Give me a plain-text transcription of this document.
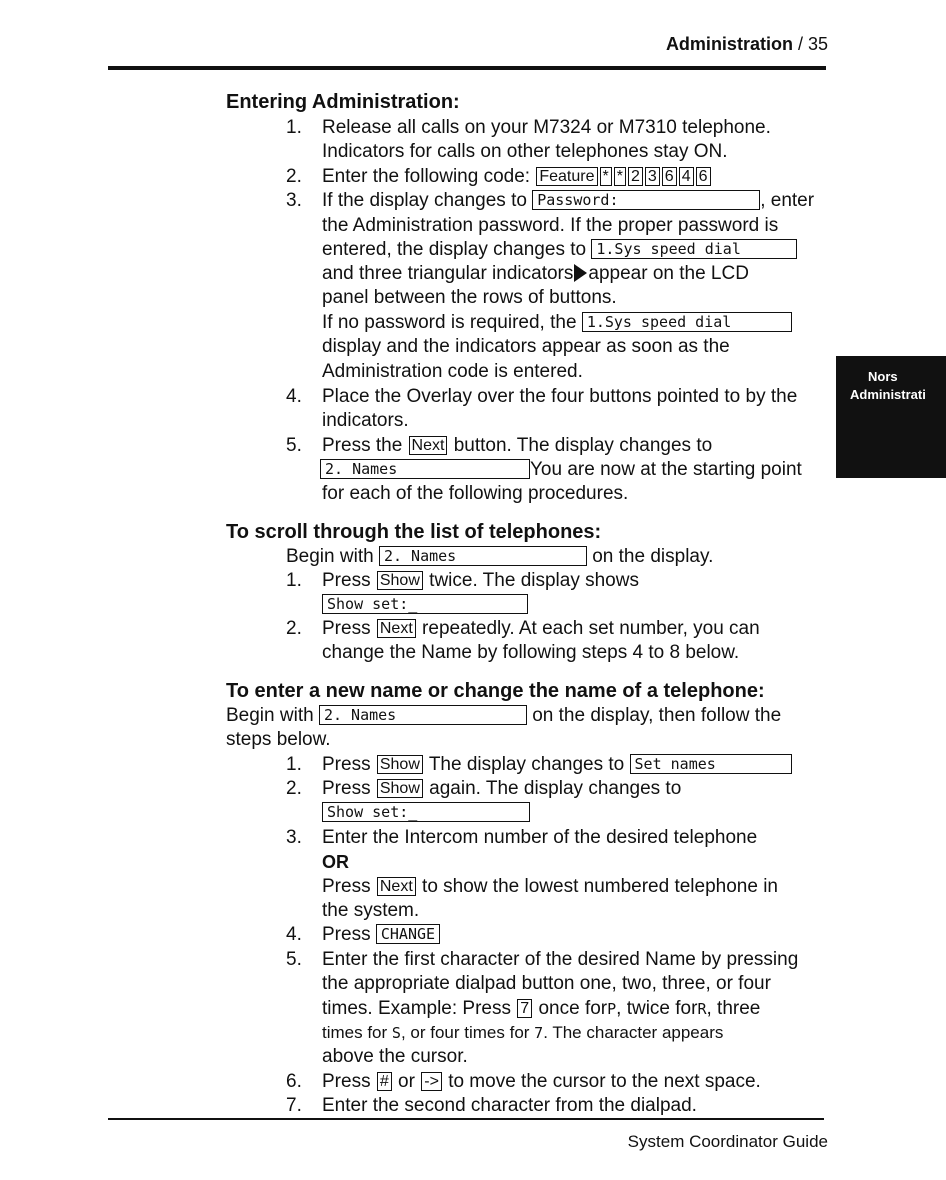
Administration / 35
Nors
Administrati
Entering Administration:
1. Release all calls on your M7324 or M7310 telephone.
Indicators for calls on other telephones stay ON.
2. Enter the following code: Feature * * 2 3 6 4 6
3. If the display changes to Password:	, enter
the Administration password. If the proper password is
entered, the display changes to 1.Sys speed dial
and three triangular indicators appear on the LCD
panel between the rows of buttons.
If no password is required, the 1.Sys speed dial
display and the indicators appear as soon as the
Administration code is entered.
4. Place the Overlay over the four buttons pointed to by the
indicators.
5. Press the Next button. The display changes to
2. Names	You are now at the starting point
for each of the following procedures.
To scroll through the list of telephones:
Begin with 2. Names	on the display.
1. Press Show twice. The display shows
Show set:_
2. Press Next repeatedly. At each set number, you can
change the Name by following steps 4 to 8 below.
To enter a new name or change the name of a telephone:
Begin with 2. Names	on the display, then follow the
steps below.
1. Press Show The display changes to Set names
2. Press Show again. The display changes to
Show set:_
3. Enter the Intercom number of the desired telephone
OR
Press Next to show the lowest numbered telephone in
the system.
4. Press CHANGE
5. Enter the first character of the desired Name by pressing
the appropriate dialpad button one, two, three, or four
times. Example: Press 7 once forP, twice forR, three
times for S, or four times for 7. The character appears
above the cursor.
6. Press # or -> to move the cursor to the next space.
7. Enter the second character from the dialpad.
System Coordinator Guide
